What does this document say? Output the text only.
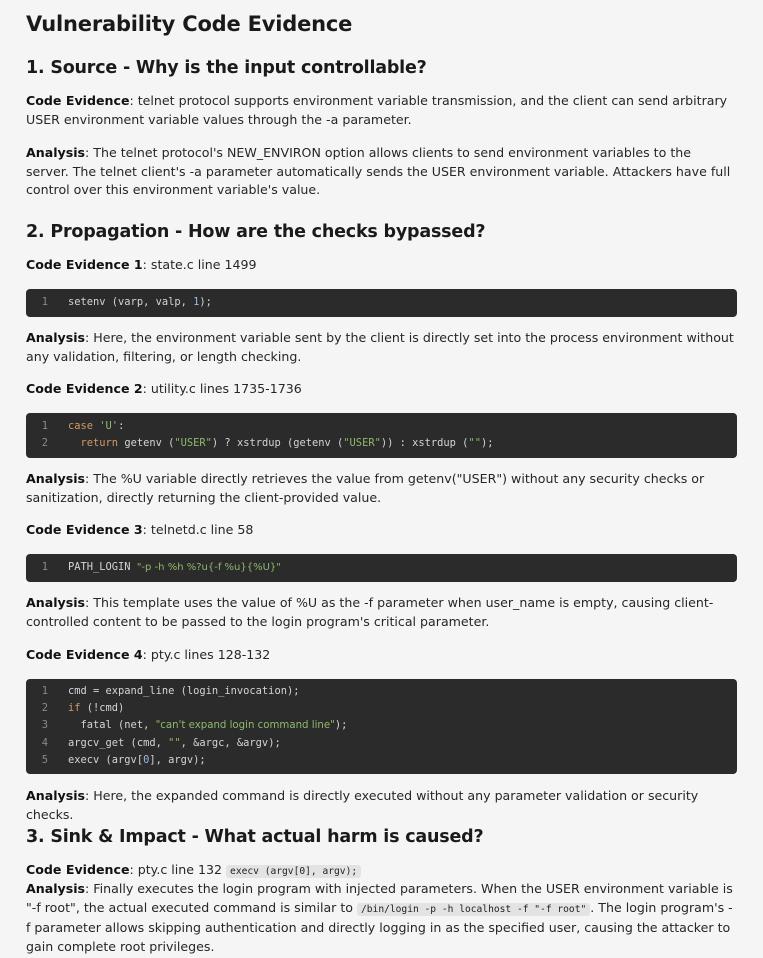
Vulnerability Code Evidence
1. Source - Why is the input controllable?

Code Evidence: telnet protocol supports environment variable transmission, and the client can send arbitrary USER environment variable values through the -a parameter.

Analysis: The telnet protocol's NEW_ENVIRON option allows clients to send environment variables to the server. The telnet client's -a parameter automatically sends the USER environment variable. Attackers have full control over this environment variable's value.

2. Propagation - How are the checks bypassed?

Code Evidence 1: state.c line 1499

1	setenv (varp, valp, 1);

Analysis: Here, the environment variable sent by the client is directly set into the process environment without any validation, filtering, or length checking.

Code Evidence 2: utility.c lines 1735-1736

1	case 'U':
2	return getenv ("USER") ? xstrdup (getenv ("USER")) : xstrdup ("");

Analysis: The %U variable directly retrieves the value from getenv("USER") without any security checks or sanitization, directly returning the client-provided value.

Code Evidence 3: telnetd.c line 58

1	PATH_LOGIN "-p -h %h %?u{-f %u}{%U}"

Analysis: This template uses the value of %U as the -f parameter when user_name is empty, causing client-controlled content to be passed to the login program's critical parameter.

Code Evidence 4: pty.c lines 128-132

1	cmd = expand_line (login_invocation);
2	if (!cmd)
3	fatal (net, "can't expand login command line");
4	argcv_get (cmd, "", &argc, &argv);
5	execv (argv[0], argv);

Analysis: Here, the expanded command is directly executed without any parameter validation or security checks.

3. Sink & Impact - What actual harm is caused?

Code Evidence: pty.c line 132 execv (argv[0], argv);

Analysis: Finally executes the login program with injected parameters. When the USER environment variable is "-f root", the actual executed command is similar to /bin/login -p -h localhost -f "-f root" . The login program's -f parameter allows skipping authentication and directly logging in as the specified user, causing the attacker to gain complete root privileges.
